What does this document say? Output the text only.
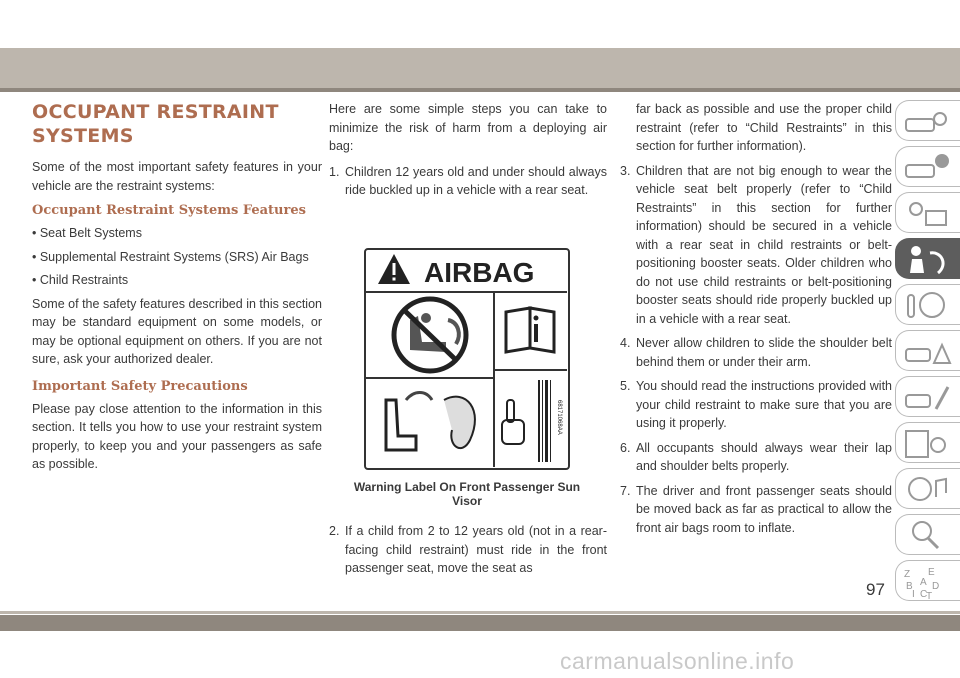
OCCUPANT RESTRAINT
SYSTEMS

Some of the most important safety features in your vehicle are the restraint systems:

Occupant Restraint Systems Features
• Seat Belt Systems
• Supplemental Restraint Systems (SRS) Air Bags
• Child Restraints

Some of the safety features described in this section may be standard equipment on some models, or may be optional equipment on others. If you are not sure, ask your authorized dealer.

Important Safety Precautions

Please pay close attention to the information in this section. It tells you how to use your restraint system properly, to keep you and your passengers as safe as possible.

Here are some simple steps you can take to minimize the risk of harm from a deploying air bag:

1. Children 12 years old and under should always ride buckled up in a vehicle with a rear seat.
AIRBAG
68171068AA
Warning Label On Front Passenger Sun Visor
2. If a child from 2 to 12 years old (not in a rear-facing child restraint) must ride in the front passenger seat, move the seat as
far back as possible and use the proper child restraint (refer to “Child Restraints” in this section for further information).
3. Children that are not big enough to wear the vehicle seat belt properly (refer to “Child Restraints” in this section for further information) should be secured in a vehicle with a rear seat in child restraints or belt-positioning booster seats. Older children who do not use child restraints or belt-positioning booster seats should ride properly buckled up in a vehicle with a rear seat.
4. Never allow children to slide the shoulder belt behind them or under their arm.
5. You should read the instructions provided with your child restraint to make sure that you are using it properly.
6. All occupants should always wear their lap and shoulder belts properly.
7. The driver and front passenger seats should be moved back as far as practical to allow the front air bags room to inflate.
Z E
A
B D
I C
T
97
carmanualsonline.info
